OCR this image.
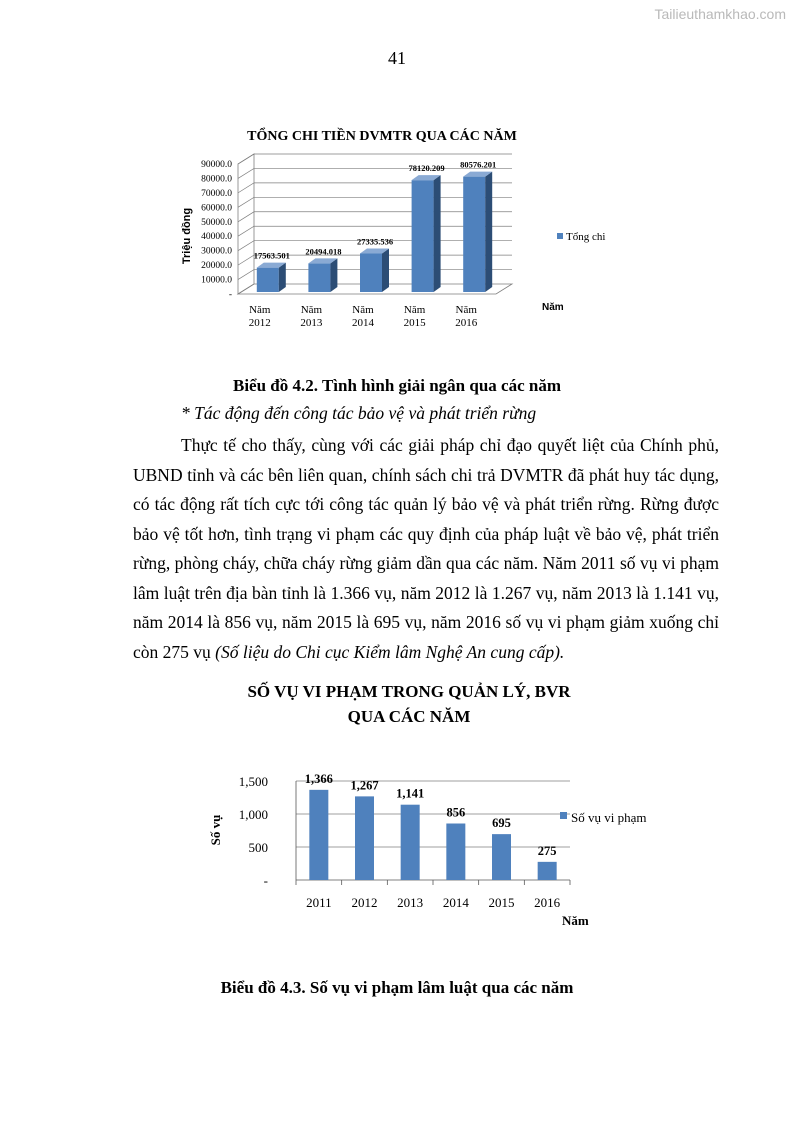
Tailieuthamkhao.com
41
TỔNG CHI TIỀN DVMTR QUA CÁC NĂM
-
10000.0
20000.0
30000.0
40000.0
50000.0
60000.0
70000.0
80000.0
90000.0
17563.501 20494.018
27335.536
78120.209 80576.201
Năm 2012
Năm 2013
Năm 2014
Năm 2015
Năm 2016
Triệu đồng
Năm
Tổng chi
Biểu đồ 4.2. Tình hình giải ngân qua các năm
* Tác động đến công tác bảo vệ và phát triển rừng

Thực tế cho thấy, cùng với các giải pháp chỉ đạo quyết liệt của Chính phủ, UBND tỉnh và các bên liên quan, chính sách chi trả DVMTR đã phát huy tác dụng, có tác động rất tích cực tới công tác quản lý bảo vệ và phát triển rừng. Rừng được bảo vệ tốt hơn, tình trạng vi phạm các quy định của pháp luật về bảo vệ, phát triển rừng, phòng cháy, chữa cháy rừng giảm dần qua các năm. Năm 2011 số vụ vi phạm lâm luật trên địa bàn tỉnh là 1.366 vụ, năm 2012 là 1.267 vụ, năm 2013 là 1.141 vụ, năm 2014 là 856 vụ, năm 2015 là 695 vụ, năm 2016 số vụ vi phạm giảm xuống chỉ còn 275 vụ (Số liệu do Chi cục Kiểm lâm Nghệ An cung cấp).

SỐ VỤ VI PHẠM TRONG QUẢN LÝ, BVR
QUA CÁC NĂM
-
500
1,000
1,500	1,366 1,267
1,141
856
695
275
2011 2012 2013 2014 2015 2016
Số vụ
Năm
Số vụ vi phạm
Biểu đồ 4.3. Số vụ vi phạm lâm luật qua các năm
